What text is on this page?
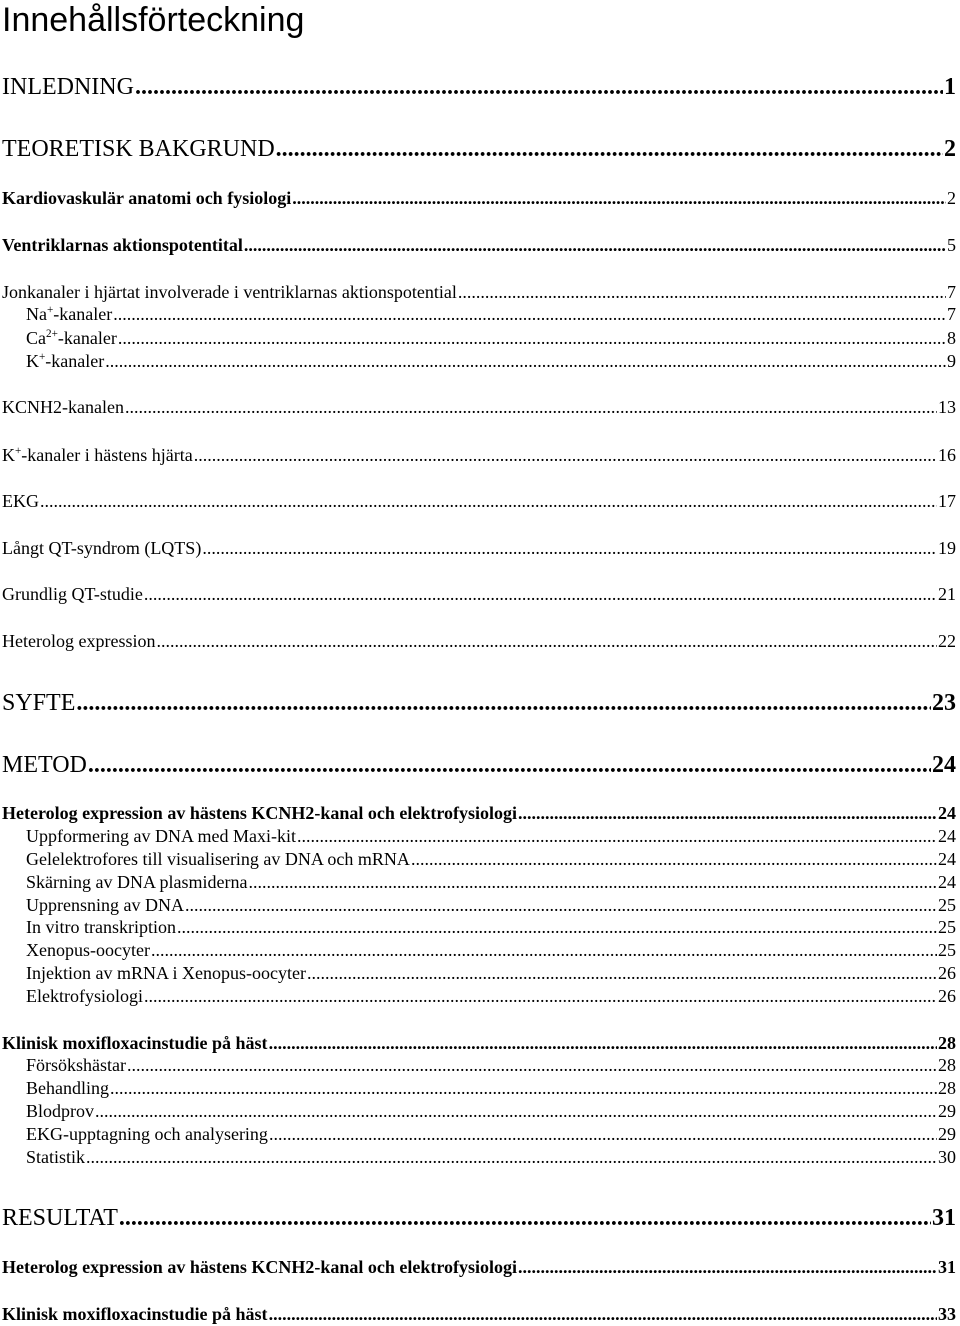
Innehållsförteckning
INLEDNING .....	1
TEORETISK BAKGRUND .....	2
Kardiovaskulär anatomi och fysiologi .....	2
Ventriklarnas aktionspotentital .....	5
Jonkanaler i hjärtat involverade i ventriklarnas aktionspotential .....	7
Na+-kanaler .....	7
$Ca^{2+}$-kanaler .....	8
K+-kanaler .....	9
KCNH2-kanalen .....	13
K+-kanaler i hästens hjärta .....	16
EKG .....	17
Långt QT-syndrom (LQTS) .....	19
Grundlig QT-studie .....	21
Heterolog expression .....	22
SYFTE .....	23
METOD .....	24
Heterolog expression av hästens KCNH2-kanal och elektrofysiologi .....	24
Uppformering av DNA med Maxi-kit .....	24
Gelelektrofores till visualisering av DNA och mRNA .....	24
Skärning av DNA plasmiderna .....	24
Upprensning av DNA .....	25
In vitro transkription .....	25
Xenopus-oocyter .....	25
Injektion av mRNA i Xenopus-oocyter .....	26
Elektrofysiologi .....	26
Klinisk moxifloxacinstudie på häst .....	28
Försökshästar .....	28
Behandling .....	28
Blodprov .....	29
EKG-upptagning och analysering .....	29
Statistik .....	30
RESULTAT .....	31
Heterolog expression av hästens KCNH2-kanal och elektrofysiologi .....	31
Klinisk moxifloxacinstudie på häst .....	33
